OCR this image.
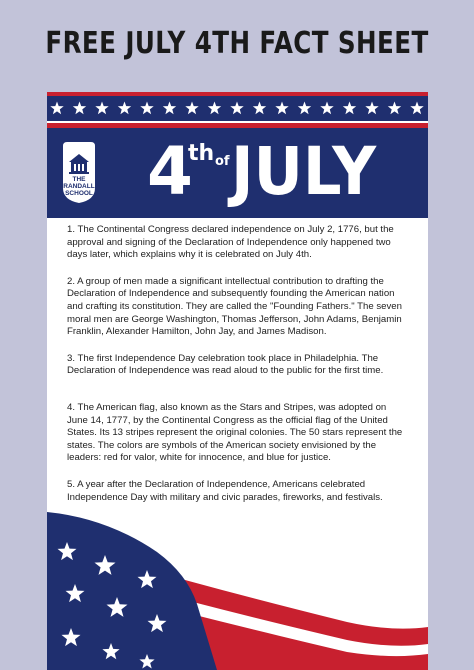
FREE JULY 4TH FACT SHEET
THE
RANDALL
SCHOOL 4
th of JULY

1. The Continental Congress declared independence on July 2, 1776, but the approval and signing of the Declaration of Independence only happened two days later, which explains why it is celebrated on July 4th.

2. A group of men made a significant intellectual contribution to drafting the Declaration of Independence and subsequently founding the American nation and crafting its constitution. They are called the "Founding Fathers." The seven moral men are George Washington, Thomas Jefferson, John Adams, Benjamin Franklin, Alexander Hamilton, John Jay, and James Madison.

3. The first Independence Day celebration took place in Philadelphia. The Declaration of Independence was read aloud to the public for the first time.

4. The American flag, also known as the Stars and Stripes, was adopted on June 14, 1777, by the Continental Congress as the official flag of the United States. Its 13 stripes represent the original colonies. The 50 stars represent the states. The colors are symbols of the American society envisioned by the leaders: red for valor, white for innocence, and blue for justice.

5. A year after the Declaration of Independence, Americans celebrated Independence Day with military and civic parades, fireworks, and festivals.
